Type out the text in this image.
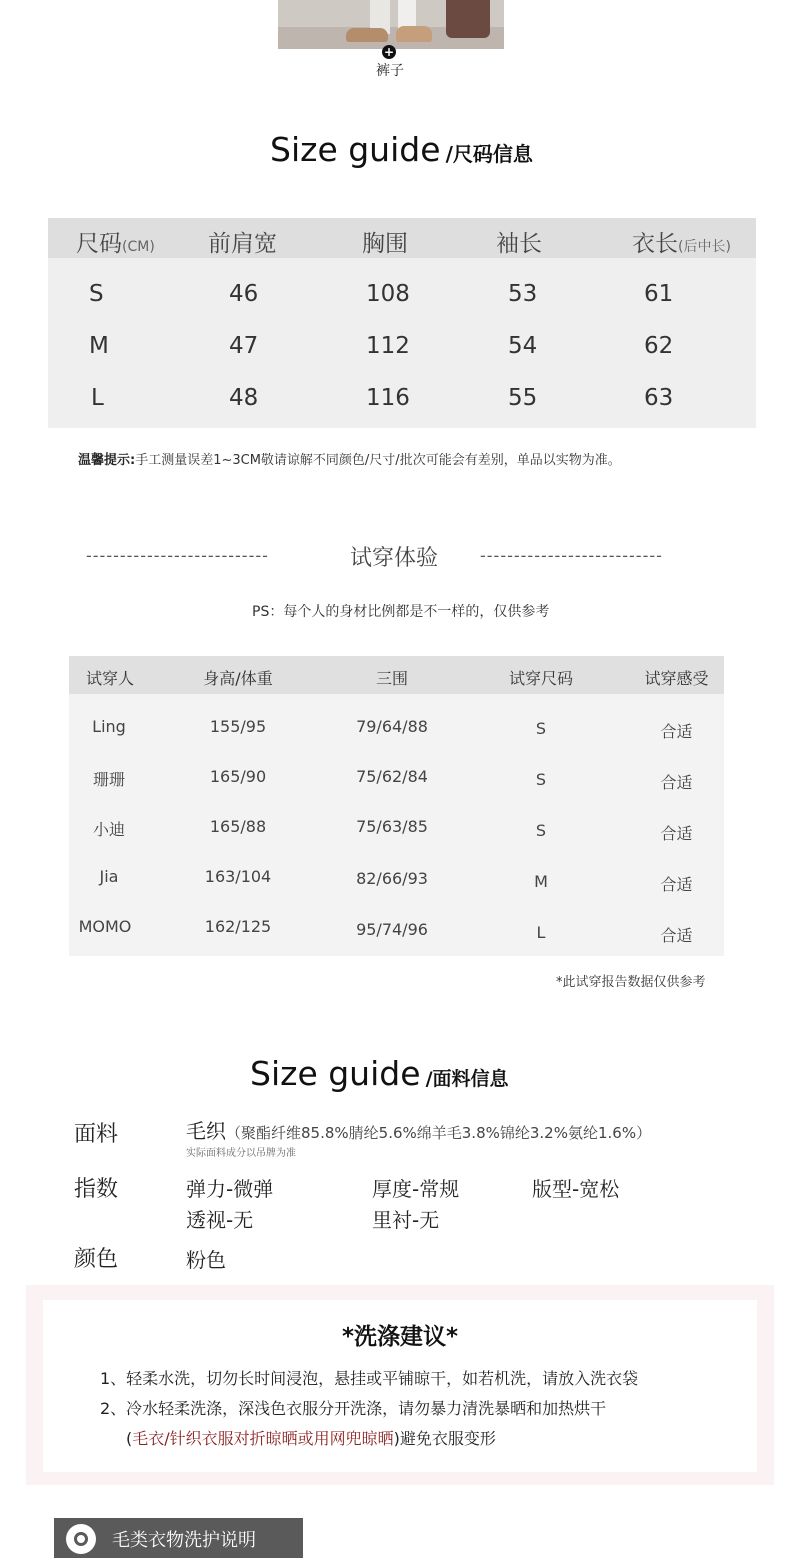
+
裤子
Size guide /尺码信息
尺码(CM) 前肩宽	胸围	袖长	衣长(后中长)
S	46	108	53	61
M	47	112	54	62
L	48	116	55	63
温馨提示:手工测量误差1~3CM敬请谅解不同颜色/尺寸/批次可能会有差别，单品以实物为准。
---------------------------	试穿体验	---------------------------
PS：每个人的身材比例都是不一样的，仅供参考
试穿人	身高/体重	三围	试穿尺码	试穿感受
Ling	155/95	79/64/88	S	合适
珊珊	165/90	75/62/84	S	合适
小迪	165/88	75/63/85	S	合适
Jia	163/104	82/66/93	M	合适
MOMO	162/125	95/74/96	L	合适
*此试穿报告数据仅供参考
Size guide /面料信息
面料	毛织（聚酯纤维85.8%腈纶5.6%绵羊毛3.8%锦纶3.2%氨纶1.6%）
实际面料成分以吊牌为准
指数	弹力-微弹	厚度-常规	版型-宽松
透视-无	里衬-无
颜色	粉色
*洗涤建议*
1、轻柔水洗，切勿长时间浸泡，悬挂或平铺晾干，如若机洗，请放入洗衣袋
2、冷水轻柔洗涤，深浅色衣服分开洗涤，请勿暴力清洗暴晒和加热烘干
(毛衣/针织衣服对折晾晒或用网兜晾晒)避免衣服变形
毛类衣物洗护说明
